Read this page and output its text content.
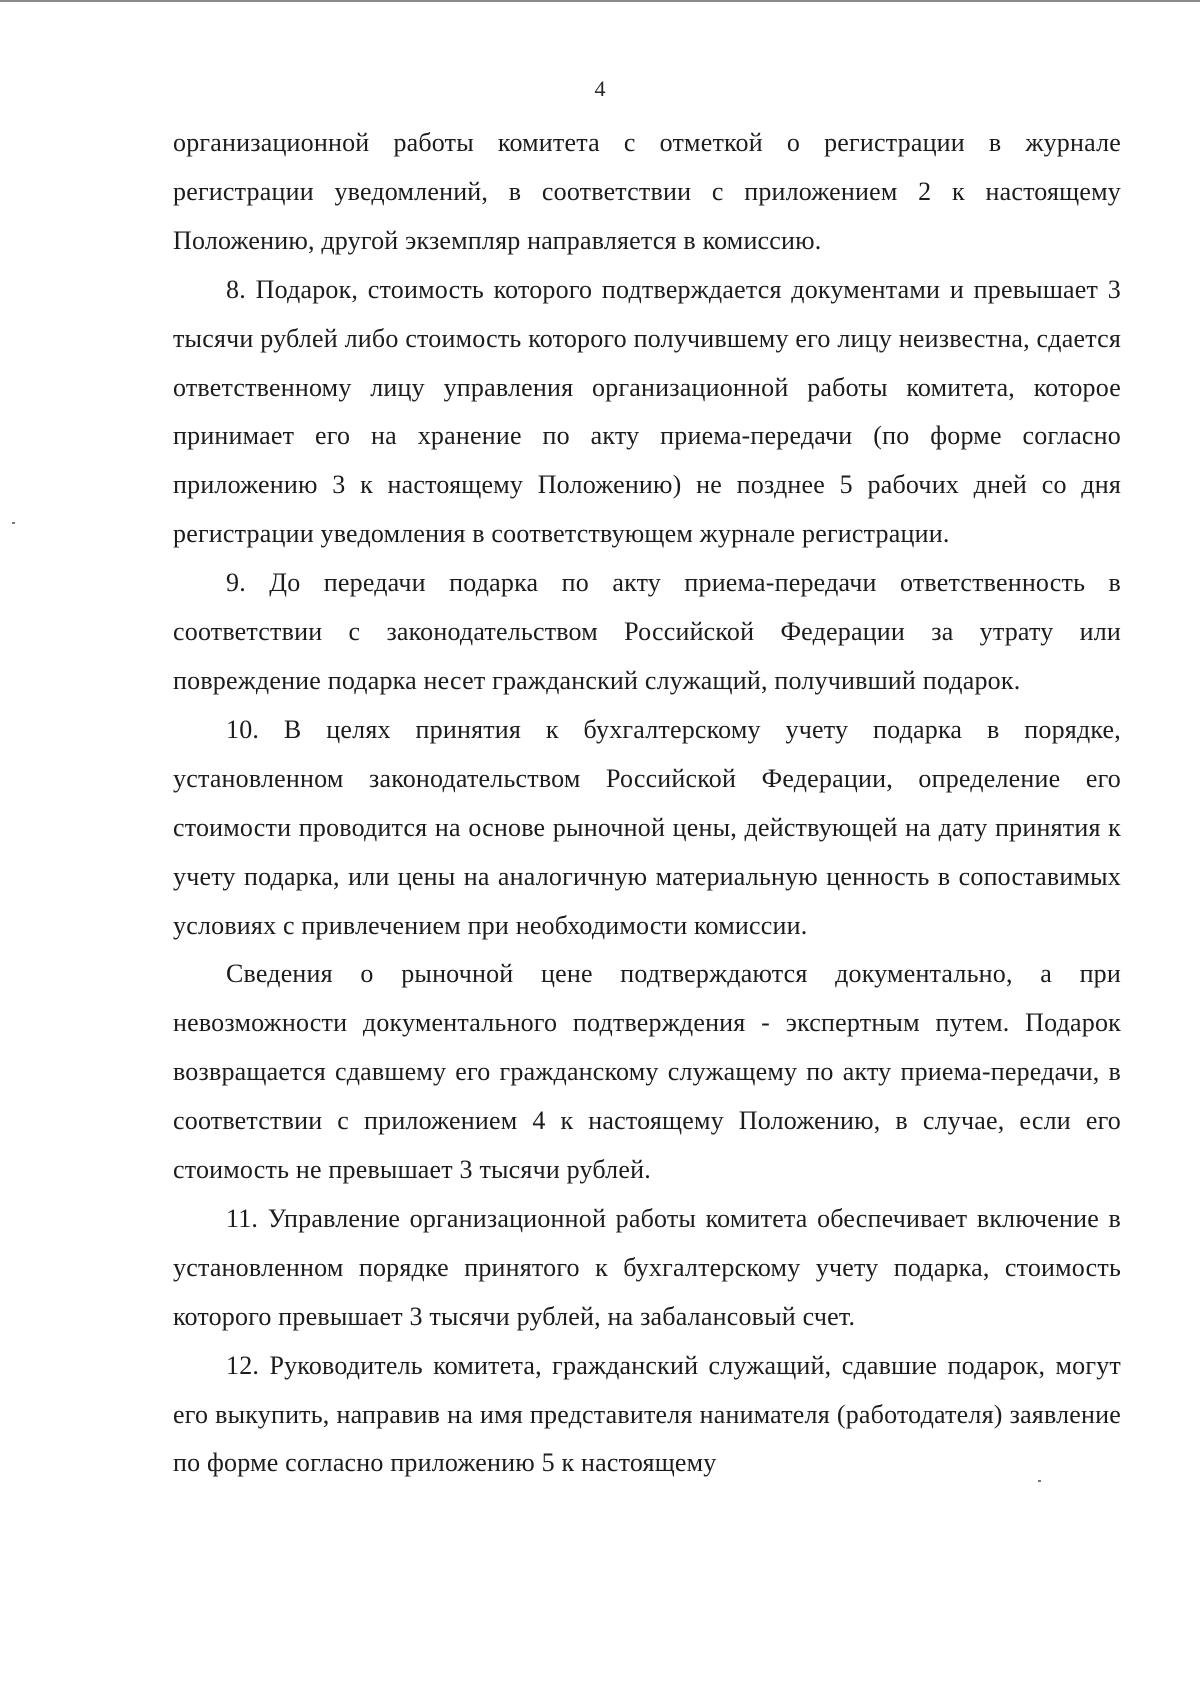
4

организационной работы комитета с отметкой о регистрации в журнале регистрации уведомлений, в соответствии с приложением 2 к настоящему Положению, другой экземпляр направляется в комиссию.

8. Подарок, стоимость которого подтверждается документами и превышает 3 тысячи рублей либо стоимость которого получившему его лицу неизвестна, сдается ответственному лицу управления организационной работы комитета, которое принимает его на хранение по акту приема-передачи (по форме согласно приложению 3 к настоящему Положению) не позднее 5 рабочих дней со дня регистрации уведомления в соответствующем журнале регистрации.

9. До передачи подарка по акту приема-передачи ответственность в соответствии с законодательством Российской Федерации за утрату или повреждение подарка несет гражданский служащий, получивший подарок.

10. В целях принятия к бухгалтерскому учету подарка в порядке, установленном законодательством Российской Федерации, определение его стоимости проводится на основе рыночной цены, действующей на дату принятия к учету подарка, или цены на аналогичную материальную ценность в сопоставимых условиях с привлечением при необходимости комиссии.

Сведения о рыночной цене подтверждаются документально, а при невозможности документального подтверждения - экспертным путем. Подарок возвращается сдавшему его гражданскому служащему по акту приема-передачи, в соответствии с приложением 4 к настоящему Положению, в случае, если его стоимость не превышает 3 тысячи рублей.

11. Управление организационной работы комитета обеспечивает включение в установленном порядке принятого к бухгалтерскому учету подарка, стоимость которого превышает 3 тысячи рублей, на забалансовый счет.

12. Руководитель комитета, гражданский служащий, сдавшие подарок, могут его выкупить, направив на имя представителя нанимателя (работодателя) заявление по форме согласно приложению 5 к настоящему
